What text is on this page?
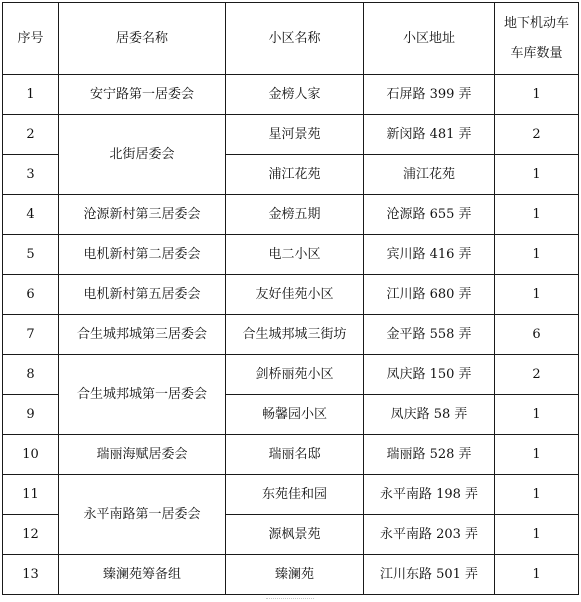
序号	居委名称	小区名称	小区地址	地下机动车
车库数量

1	安宁路第一居委会	金榜人家	石屏路 399 弄	1
2	北街居委会	星河景苑	新闵路 481 弄	2
3		浦江花苑	浦江花苑	1
4	沧源新村第三居委会	金榜五期	沧源路 655 弄	1
5	电机新村第二居委会	电二小区	宾川路 416 弄	1
6	电机新村第五居委会	友好佳苑小区	江川路 680 弄	1
7	合生城邦城第三居委会	合生城邦城三街坊	金平路 558 弄	6
8	合生城邦城第一居委会	剑桥丽苑小区	凤庆路 150 弄	2
9		畅馨园小区	凤庆路 58 弄	1
10	瑞丽海赋居委会	瑞丽名邸	瑞丽路 528 弄	1
11	永平南路第一居委会	东苑佳和园	永平南路 198 弄	1
12		源枫景苑	永平南路 203 弄	1
13	臻澜苑筹备组	臻澜苑	江川东路 501 弄	1
